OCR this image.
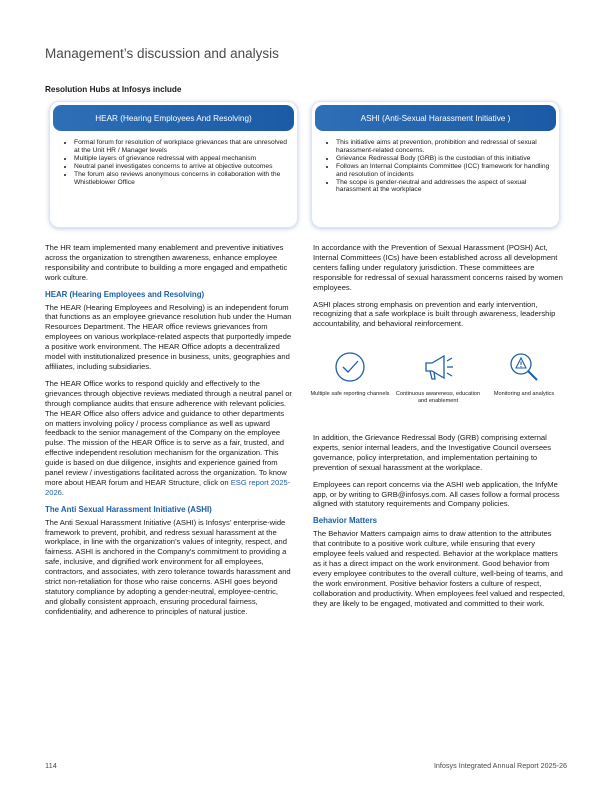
Management’s discussion and analysis
Resolution Hubs at Infosys include
HEAR (Hearing Employees And Resolving)
• Formal forum for resolution of workplace grievances that are unresolved at the Unit HR / Manager levels
• Multiple layers of grievance redressal with appeal mechanism
• Neutral panel investigates concerns to arrive at objective outcomes
• The forum also reviews anonymous concerns in collaboration with the Whistleblower Office
ASHI (Anti-Sexual Harassment Initiative )
• This initiative aims at prevention, prohibition and redressal of sexual harassment-related concerns.
• Grievance Redressal Body (GRB) is the custodian of this initiative
• Follows an Internal Complaints Committee (ICC) framework for handling and resolution of incidents
• The scope is gender-neutral and addresses the aspect of sexual harassment at the workplace

The HR team implemented many enablement and preventive initiatives across the organization to strengthen awareness, enhance employee responsibility and contribute to building a more engaged and empathetic work culture.

HEAR (Hearing Employees and Resolving)

The HEAR (Hearing Employees and Resolving) is an independent forum that functions as an employee grievance resolution hub under the Human Resources Department. The HEAR office reviews grievances from employees on various workplace-related aspects that purportedly impede a positive work environment. The HEAR Office adopts a decentralized model with institutionalized presence in business, units, geographies and affiliates, including subsidiaries.

The HEAR Office works to respond quickly and effectively to the grievances through objective reviews mediated through a neutral panel or through compliance audits that ensure adherence with relevant policies. The HEAR Office also offers advice and guidance to other departments on matters involving policy / process compliance as well as upward feedback to the senior management of the Company on the employee pulse. The mission of the HEAR Office is to serve as a fair, trusted, and effective independent resolution mechanism for the organization. This guide is based on due diligence, insights and experience gained from panel review / investigations facilitated across the organization. To know more about HEAR forum and HEAR Structure, click on ESG report 2025-2026.

The Anti Sexual Harassment Initiative (ASHI)

The Anti Sexual Harassment Initiative (ASHI) is Infosys’ enterprise-wide framework to prevent, prohibit, and redress sexual harassment at the workplace, in line with the organization’s values of integrity, respect, and fairness. ASHI is anchored in the Company’s commitment to providing a safe, inclusive, and dignified work environment for all employees, contractors, and associates, with zero tolerance towards harassment and strict non-retaliation for those who raise concerns. ASHI goes beyond statutory compliance by adopting a gender-neutral, employee-centric, and globally consistent approach, ensuring procedural fairness, confidentiality, and adherence to principles of natural justice.

In accordance with the Prevention of Sexual Harassment (POSH) Act, Internal Committees (ICs) have been established across all development centers falling under regulatory jurisdiction. These committees are responsible for redressal of sexual harassment concerns raised by women employees.

ASHI places strong emphasis on prevention and early intervention, recognizing that a safe workplace is built through awareness, leadership accountability, and behavioral reinforcement.

Multiple safe reporting channels	Continuous awareness, education and enablement
Monitoring and analytics

In addition, the Grievance Redressal Body (GRB) comprising external experts, senior internal leaders, and the Investigative Council oversees governance, policy interpretation, and implementation pertaining to prevention of sexual harassment at the workplace.

Employees can report concerns via the ASHI web application, the InfyMe app, or by writing to GRB@infosys.com. All cases follow a formal process aligned with statutory requirements and Company policies.

Behavior Matters

The Behavior Matters campaign aims to draw attention to the attributes that contribute to a positive work culture, while ensuring that every employee feels valued and respected. Behavior at the workplace matters as it has a direct impact on the work environment. Good behavior from every employee contributes to the overall culture, well-being of teams, and the work environment. Positive behavior fosters a culture of respect, collaboration and productivity. When employees feel valued and respected, they are likely to be engaged, motivated and committed to their work.

114	Infosys Integrated Annual Report 2025-26
